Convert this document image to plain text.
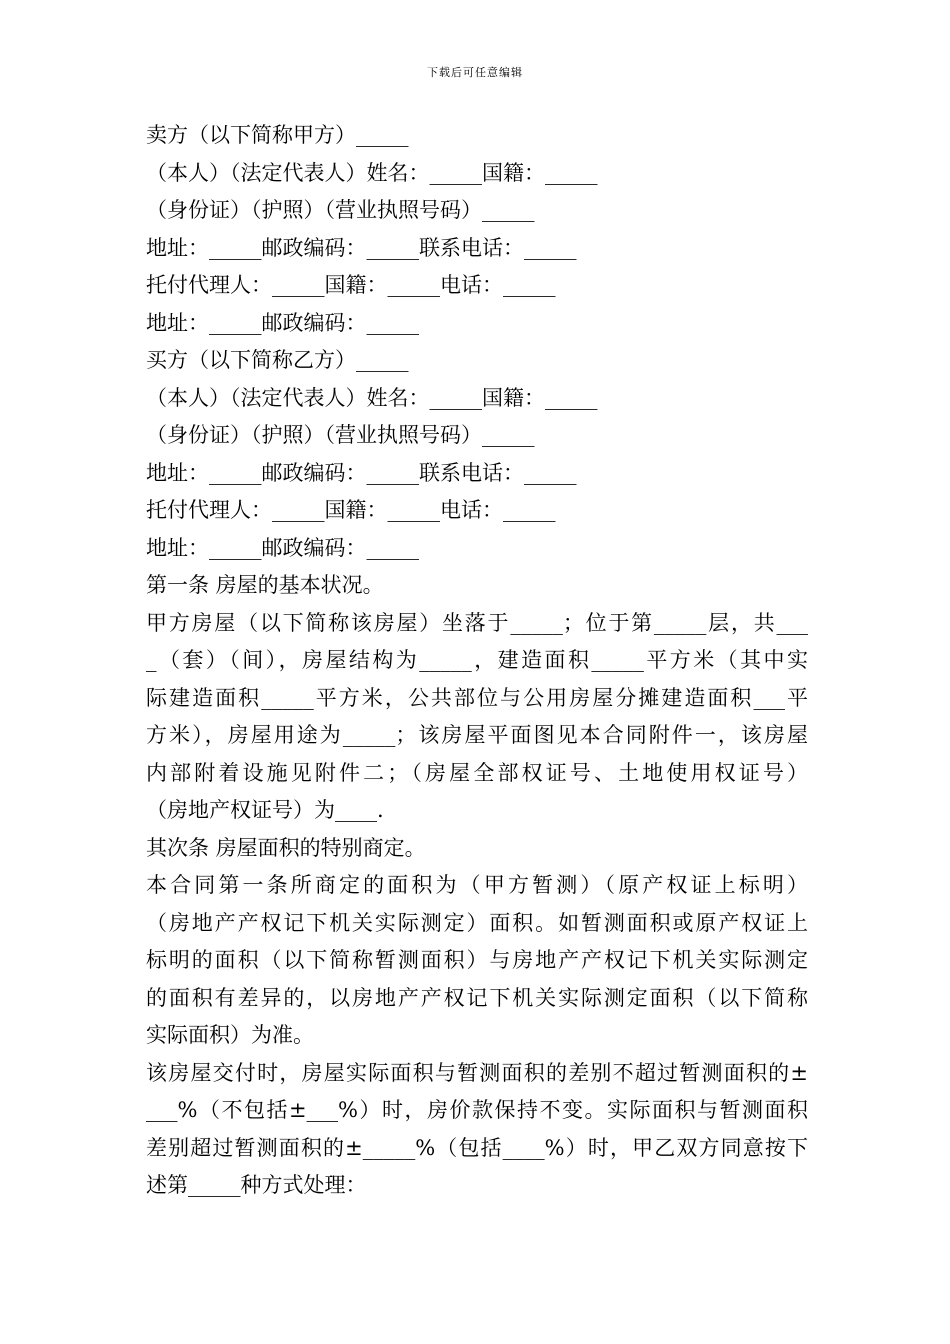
下载后可任意编辑
卖方（以下简称甲方）_____
（本人）（法定代表人）姓名：_____国籍：_____
（身份证）（护照）（营业执照号码）_____
地址：_____邮政编码：_____联系电话：_____
托付代理人：_____国籍：_____电话：_____
地址：_____邮政编码：_____
买方（以下简称乙方）_____
（本人）（法定代表人）姓名：_____国籍：_____
（身份证）（护照）（营业执照号码）_____
地址：_____邮政编码：_____联系电话：_____
托付代理人：_____国籍：_____电话：_____
地址：_____邮政编码：_____
第一条 房屋的基本状况。
甲方房屋（以下简称该房屋）坐落于_____；位于第_____层，共___
_（套）（间），房屋结构为_____，建造面积_____平方米（其中实
际建造面积_____平方米，公共部位与公用房屋分摊建造面积___平
方米），房屋用途为_____；该房屋平面图见本合同附件一，该房屋
内部附着设施见附件二；（房屋全部权证号、土地使用权证号）
（房地产权证号）为____.
其次条 房屋面积的特别商定。
本合同第一条所商定的面积为（甲方暂测）（原产权证上标明）
（房地产产权记下机关实际测定）面积。如暂测面积或原产权证上
标明的面积（以下简称暂测面积）与房地产产权记下机关实际测定
的面积有差异的，以房地产产权记下机关实际测定面积（以下简称
实际面积）为准。
该房屋交付时，房屋实际面积与暂测面积的差别不超过暂测面积的±
___%（不包括±___%）时，房价款保持不变。实际面积与暂测面积
差别超过暂测面积的±_____%（包括____%）时，甲乙双方同意按下
述第_____种方式处理：
